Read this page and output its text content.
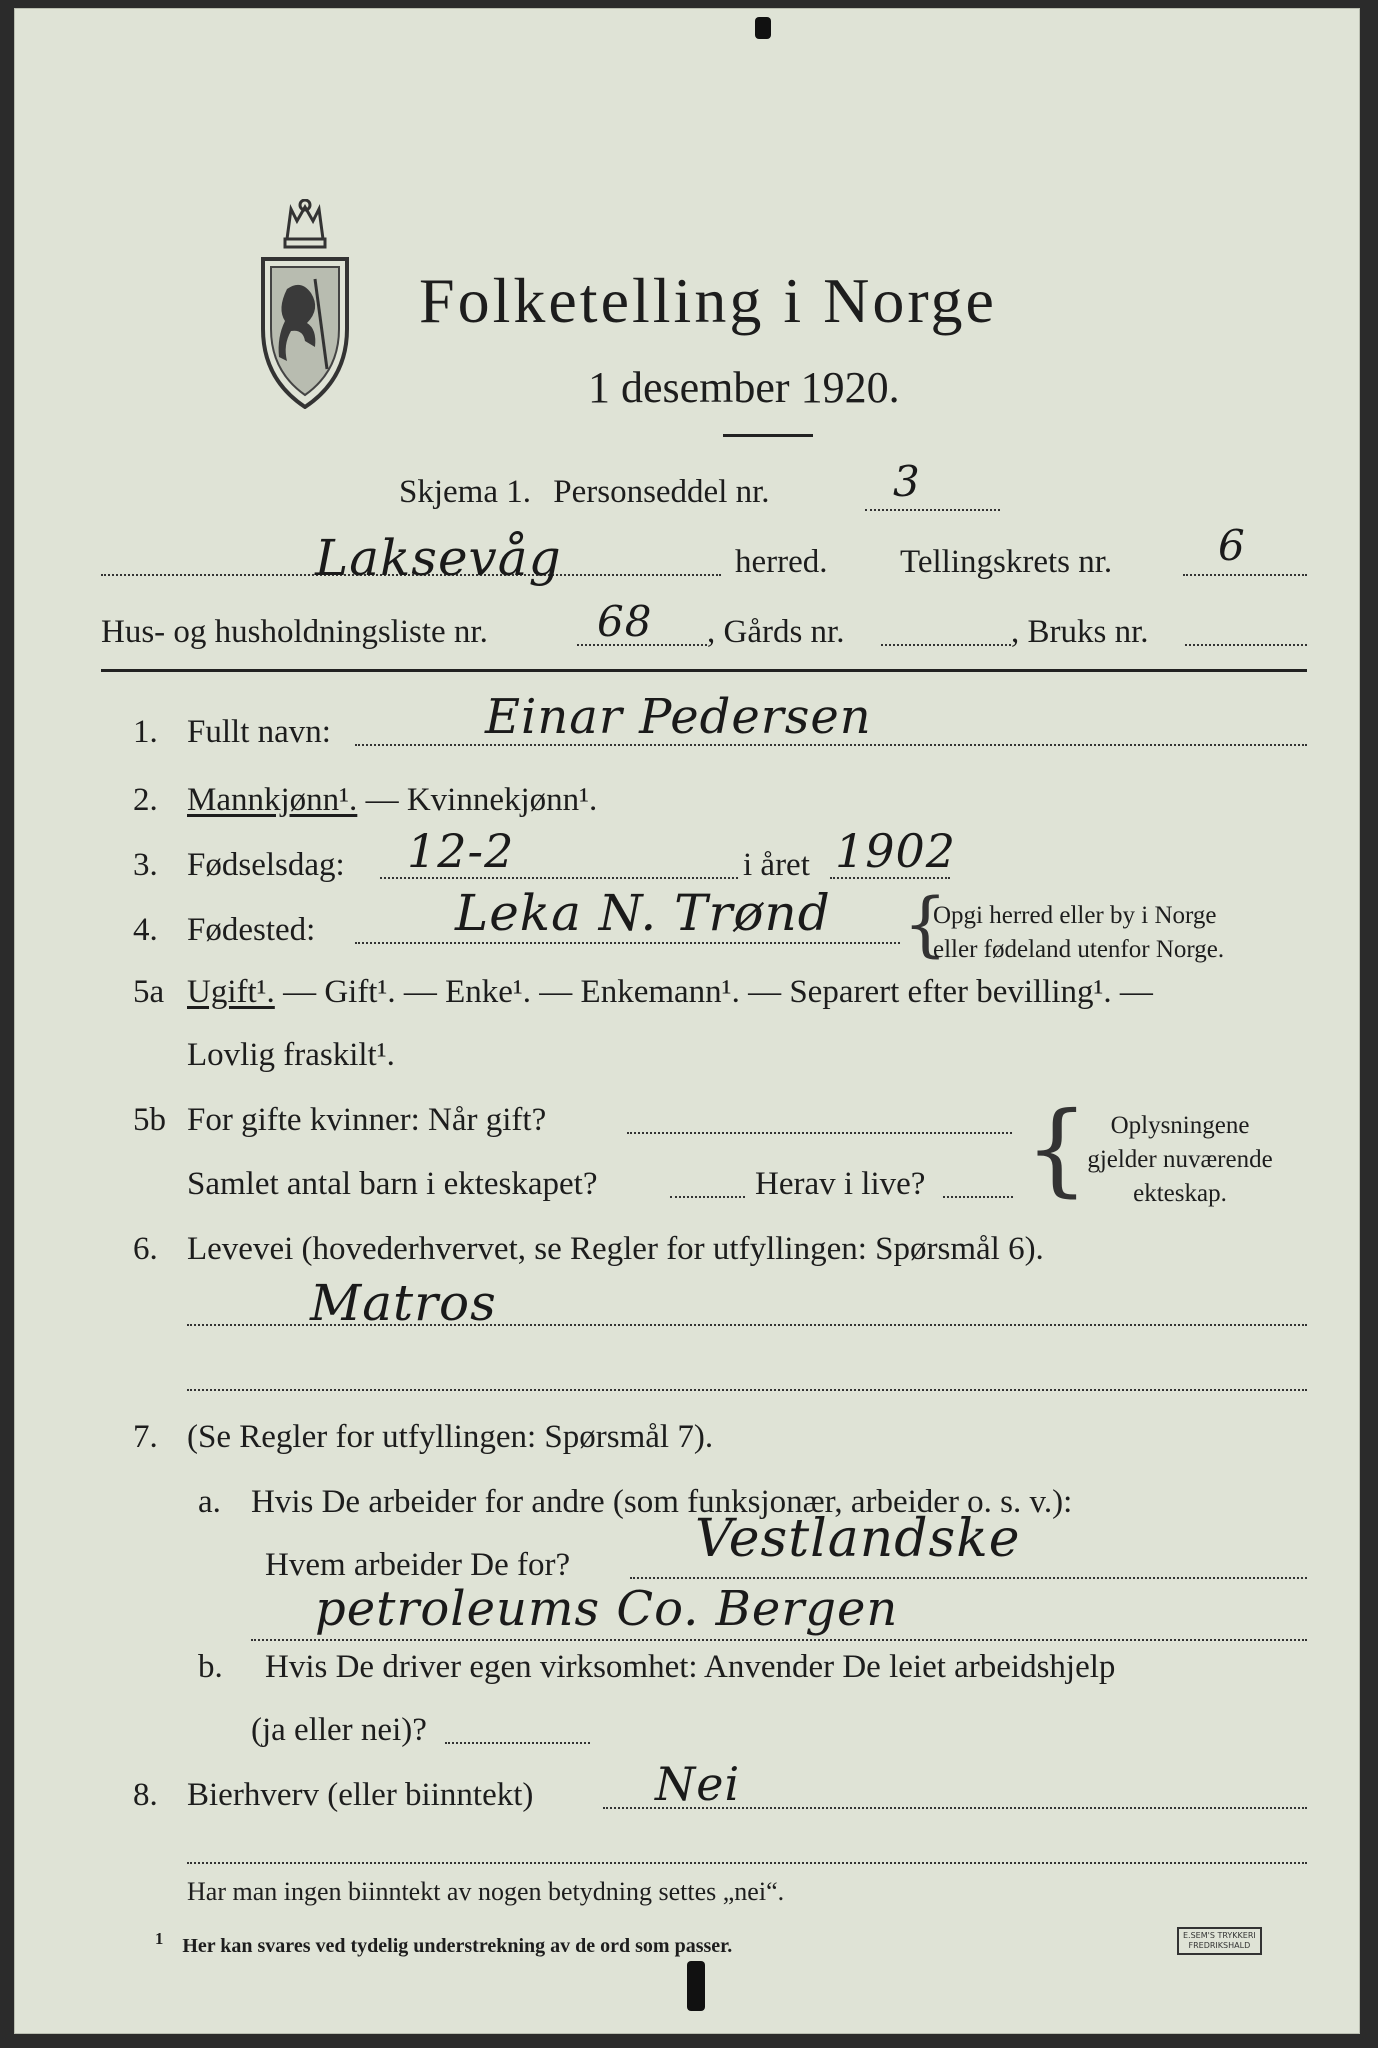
Folketelling i Norge
1 desember 1920.
Skjema 1. Personseddel nr.	3
Laksevåg	herred. Tellingskrets nr.	6
Hus- og husholdningsliste nr.	68 , Gårds nr.	, Bruks nr.
1. Fullt navn:	Einar Pedersen
2. Mannkjønn¹. — Kvinnekjønn¹.
3. Fødselsdag: 12-2	i året 1902
4. Fødested:	Leka N. Trønd {
Opgi herred eller by i Norge
eller fødeland utenfor Norge.
5a Ugift¹. — Gift¹. — Enke¹. — Enkemann¹. — Separert efter bevilling¹. —
Lovlig fraskilt¹.
5b For gifte kvinner: Når gift?
Samlet antal barn i ekteskapet?	Herav i live? { Oplysningene
gjelder nuværende
ekteskap.
6. Levevei (hovederhvervet, se Regler for utfyllingen: Spørsmål 6).
Matros
7. (Se Regler for utfyllingen: Spørsmål 7).
a. Hvis De arbeider for andre (som funksjonær, arbeider o. s. v.):
Hvem arbeider De for? Vestlandske
petroleums Co. Bergen
b. Hvis De driver egen virksomhet: Anvender De leiet arbeidshjelp
(ja eller nei)?
8. Bierhverv (eller biinntekt)	Nei
Har man ingen biinntekt av nogen betydning settes „nei“.
$^1$ Her kan svares ved tydelig understrekning av de ord som passer.	E.SEM'S TRYKKERI
FREDRIKSHALD
